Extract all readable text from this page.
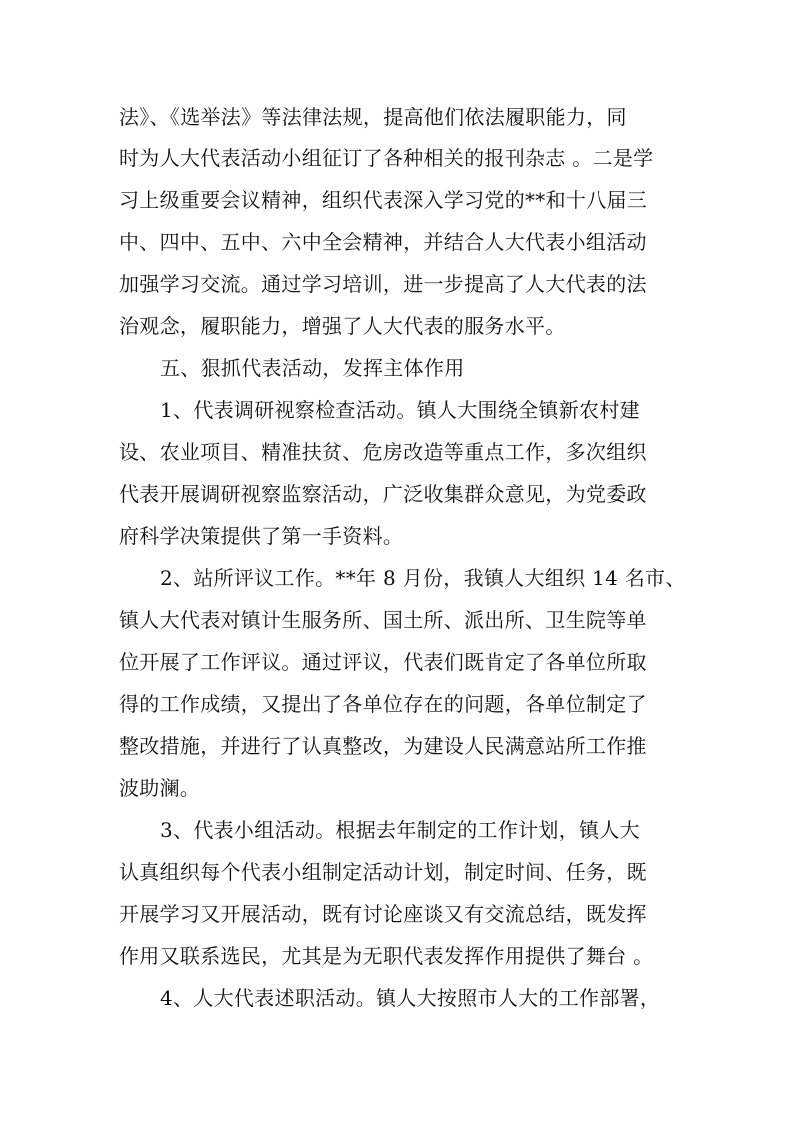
法》、《选举法》等法律法规，提高他们依法履职能力，同
时为人大代表活动小组征订了各种相关的报刊杂志 。二是学
习上级重要会议精神，组织代表深入学习党的**和十八届三
中、四中、五中、六中全会精神，并结合人大代表小组活动
加强学习交流。通过学习培训，进一步提高了人大代表的法
治观念，履职能力，增强了人大代表的服务水平。
五、狠抓代表活动，发挥主体作用
1、代表调研视察检查活动。镇人大围绕全镇新农村建
设、农业项目、精准扶贫、危房改造等重点工作，多次组织
代表开展调研视察监察活动，广泛收集群众意见，为党委政
府科学决策提供了第一手资料。
2、站所评议工作。**年 8 月份，我镇人大组织 14 名市、
镇人大代表对镇计生服务所、国土所、派出所、卫生院等单
位开展了工作评议。通过评议，代表们既肯定了各单位所取
得的工作成绩，又提出了各单位存在的问题，各单位制定了
整改措施，并进行了认真整改，为建设人民满意站所工作推
波助澜。
3、代表小组活动。根据去年制定的工作计划，镇人大
认真组织每个代表小组制定活动计划，制定时间、任务，既
开展学习又开展活动，既有讨论座谈又有交流总结，既发挥
作用又联系选民，尤其是为无职代表发挥作用提供了舞台 。
4、人大代表述职活动。镇人大按照市人大的工作部署，
